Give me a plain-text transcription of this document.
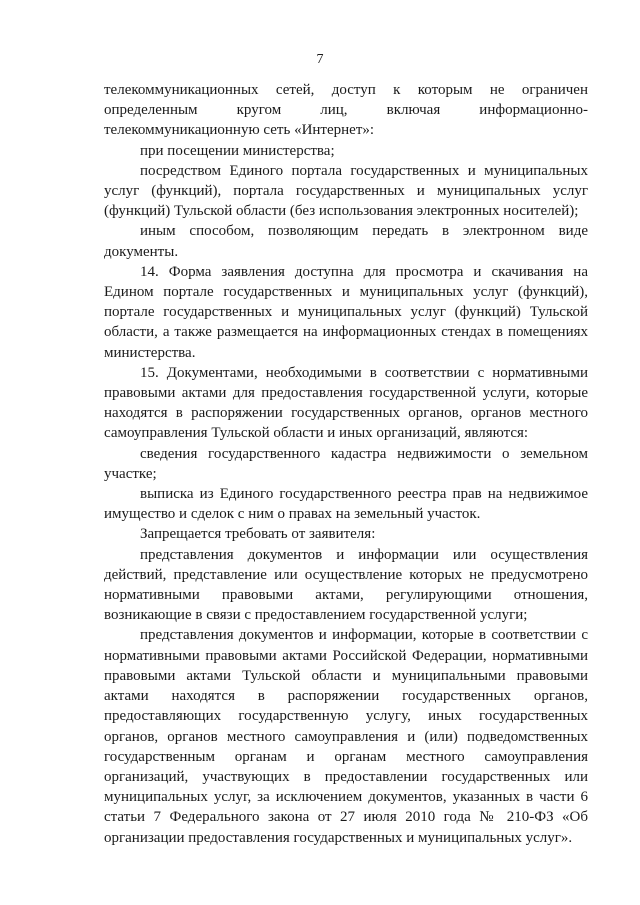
7

телекоммуникационных сетей, доступ к которым не ограничен определенным кругом лиц, включая информационно-телекоммуникационную сеть «Интернет»:

при посещении министерства;

посредством Единого портала государственных и муниципальных услуг (функций), портала государственных и муниципальных услуг (функций) Тульской области (без использования электронных носителей);

иным способом, позволяющим передать в электронном виде документы.

14. Форма заявления доступна для просмотра и скачивания на Едином портале государственных и муниципальных услуг (функций), портале государственных и муниципальных услуг (функций) Тульской области, а также размещается на информационных стендах в помещениях министерства.

15. Документами, необходимыми в соответствии с нормативными правовыми актами для предоставления государственной услуги, которые находятся в распоряжении государственных органов, органов местного самоуправления Тульской области и иных организаций, являются:

сведения государственного кадастра недвижимости о земельном участке;

выписка из Единого государственного реестра прав на недвижимое имущество и сделок с ним о правах на земельный участок.

Запрещается требовать от заявителя:

представления документов и информации или осуществления действий, представление или осуществление которых не предусмотрено нормативными правовыми актами, регулирующими отношения, возникающие в связи с предоставлением государственной услуги;

представления документов и информации, которые в соответствии с нормативными правовыми актами Российской Федерации, нормативными правовыми актами Тульской области и муниципальными правовыми актами находятся в распоряжении государственных органов, предоставляющих государственную услугу, иных государственных органов, органов местного самоуправления и (или) подведомственных государственным органам и органам местного самоуправления организаций, участвующих в предоставлении государственных или муниципальных услуг, за исключением документов, указанных в части 6 статьи 7 Федерального закона от 27 июля 2010 года № 210-ФЗ «Об организации предоставления государственных и муниципальных услуг».
